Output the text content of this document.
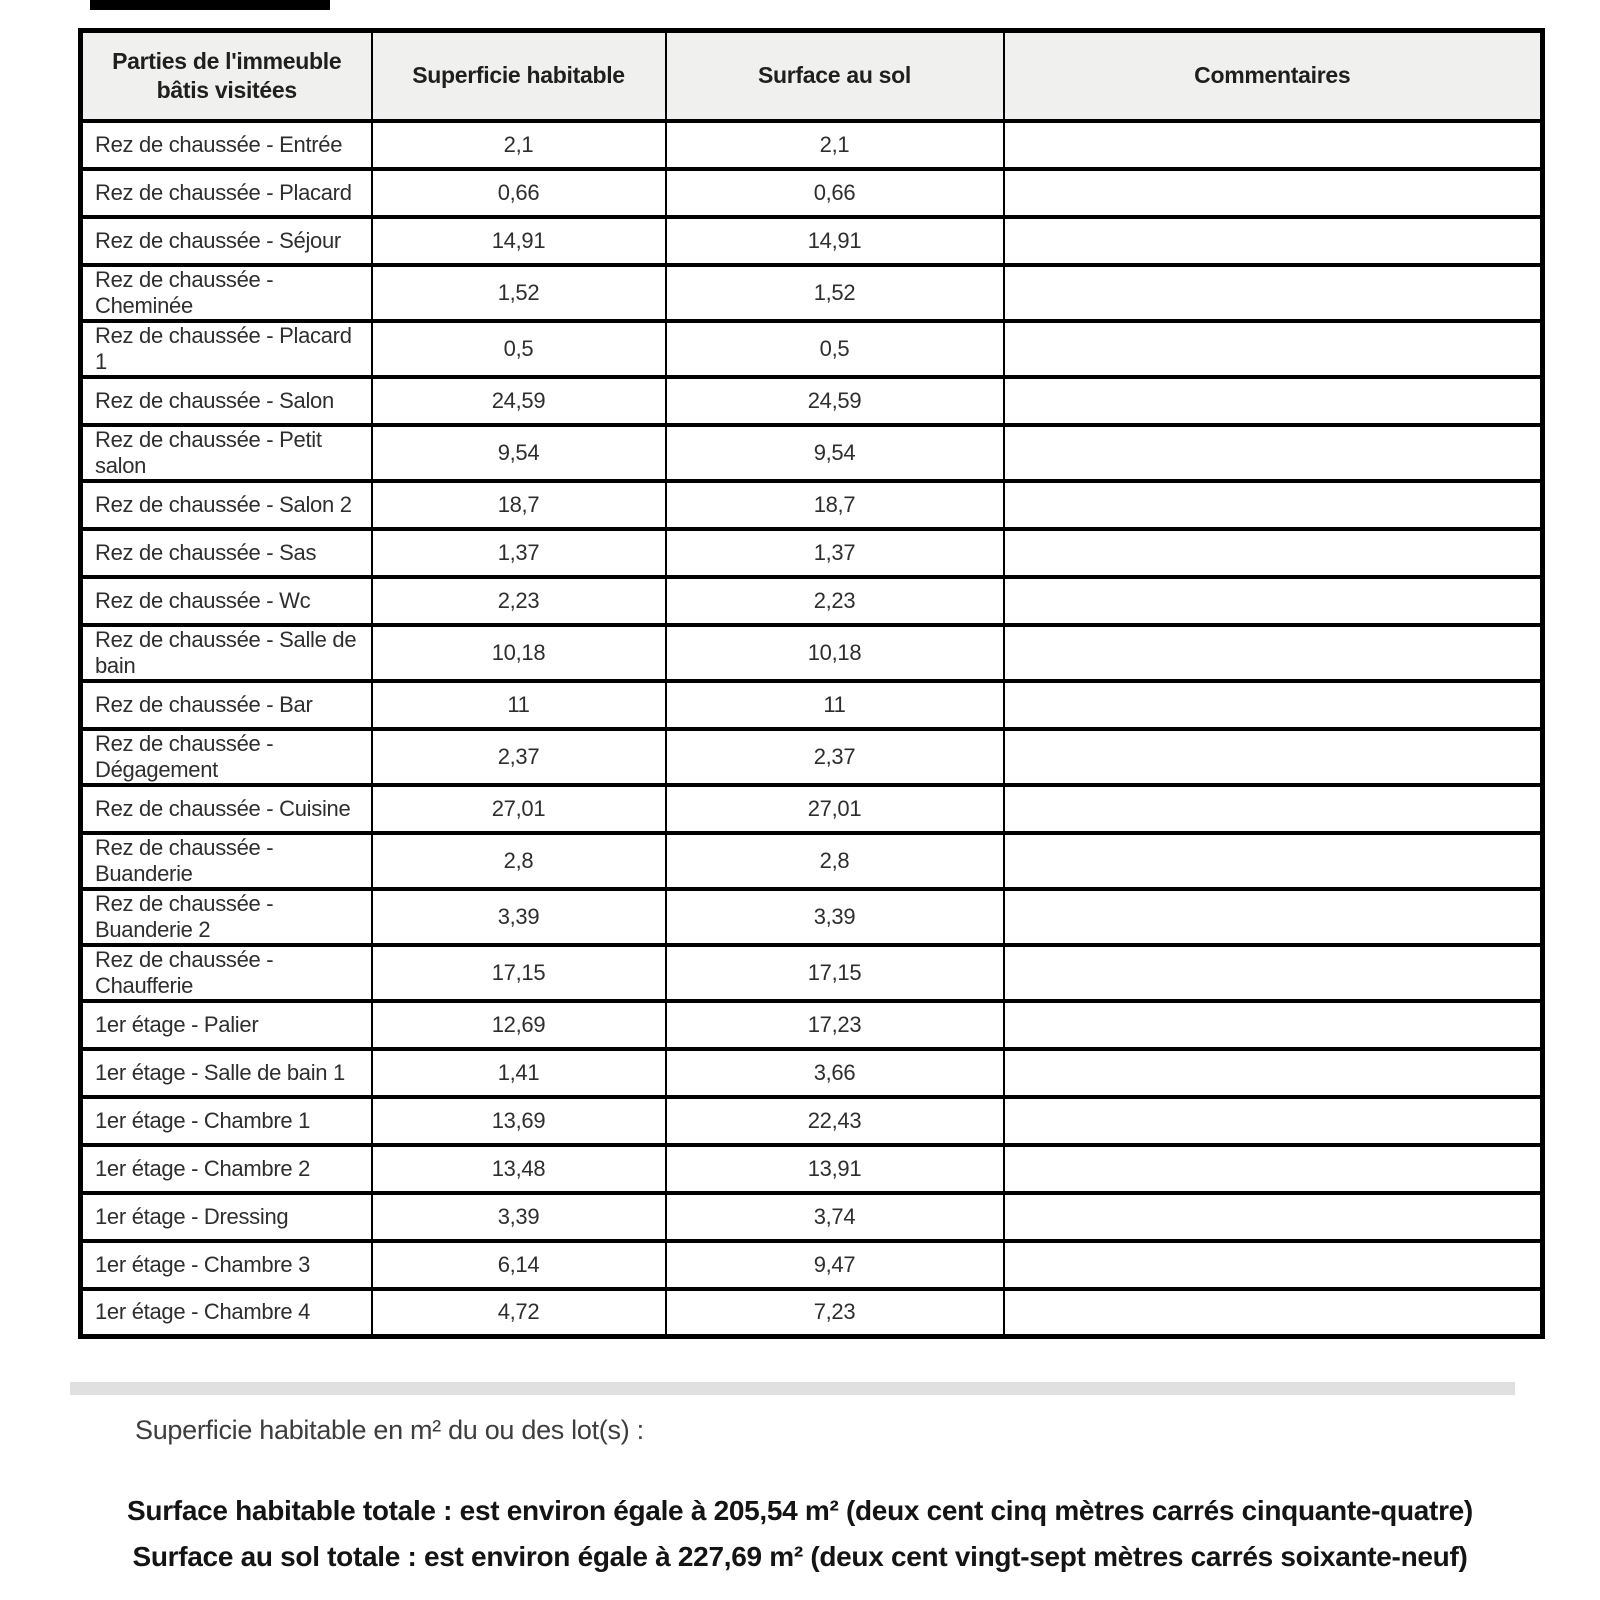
Parties de l'immeuble bâtis visitées	Superficie habitable	Surface au sol	Commentaires
Rez de chaussée - Entrée	2,1	2,1	
Rez de chaussée - Placard	0,66	0,66	
Rez de chaussée - Séjour	14,91	14,91	
Rez de chaussée - Cheminée	1,52	1,52	
Rez de chaussée - Placard 1	0,5	0,5	
Rez de chaussée - Salon	24,59	24,59	
Rez de chaussée - Petit salon	9,54	9,54	
Rez de chaussée - Salon 2	18,7	18,7	
Rez de chaussée - Sas	1,37	1,37	
Rez de chaussée - Wc	2,23	2,23	
Rez de chaussée - Salle de bain	10,18	10,18	
Rez de chaussée - Bar	11	11	
Rez de chaussée - Dégagement	2,37	2,37	
Rez de chaussée - Cuisine	27,01	27,01	
Rez de chaussée - Buanderie	2,8	2,8	
Rez de chaussée - Buanderie 2	3,39	3,39	
Rez de chaussée - Chaufferie	17,15	17,15	
1er étage - Palier	12,69	17,23	
1er étage - Salle de bain 1	1,41	3,66	
1er étage - Chambre 1	13,69	22,43	
1er étage - Chambre 2	13,48	13,91	
1er étage - Dressing	3,39	3,74	
1er étage - Chambre 3	6,14	9,47	
1er étage - Chambre 4	4,72	7,23	
Superficie habitable en m² du ou des lot(s) :
Surface habitable totale : est environ égale à 205,54 m² (deux cent cinq mètres carrés cinquante-quatre)
Surface au sol totale : est environ égale à 227,69 m² (deux cent vingt-sept mètres carrés soixante-neuf)
